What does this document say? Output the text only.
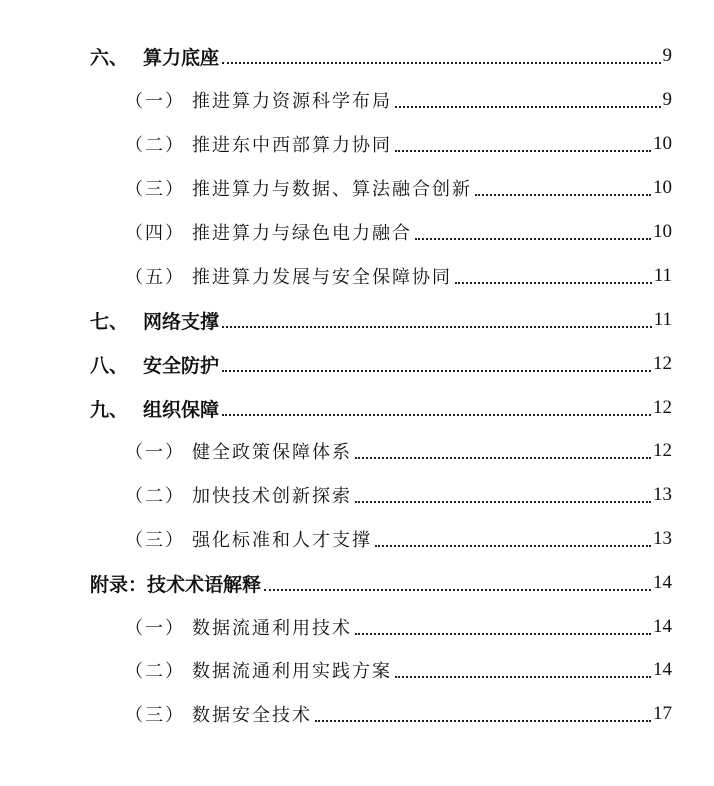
六、 算力底座	9
（一） 推进算力资源科学布局	9
（二） 推进东中西部算力协同	10
（三） 推进算力与数据、算法融合创新	10
（四） 推进算力与绿色电力融合	10
（五） 推进算力发展与安全保障协同	11
七、 网络支撑	11
八、 安全防护	12
九、 组织保障	12
（一） 健全政策保障体系	12
（二） 加快技术创新探索	13
（三） 强化标准和人才支撑	13
附录：技术术语解释	14
（一） 数据流通利用技术	14
（二） 数据流通利用实践方案	14
（三） 数据安全技术	17
